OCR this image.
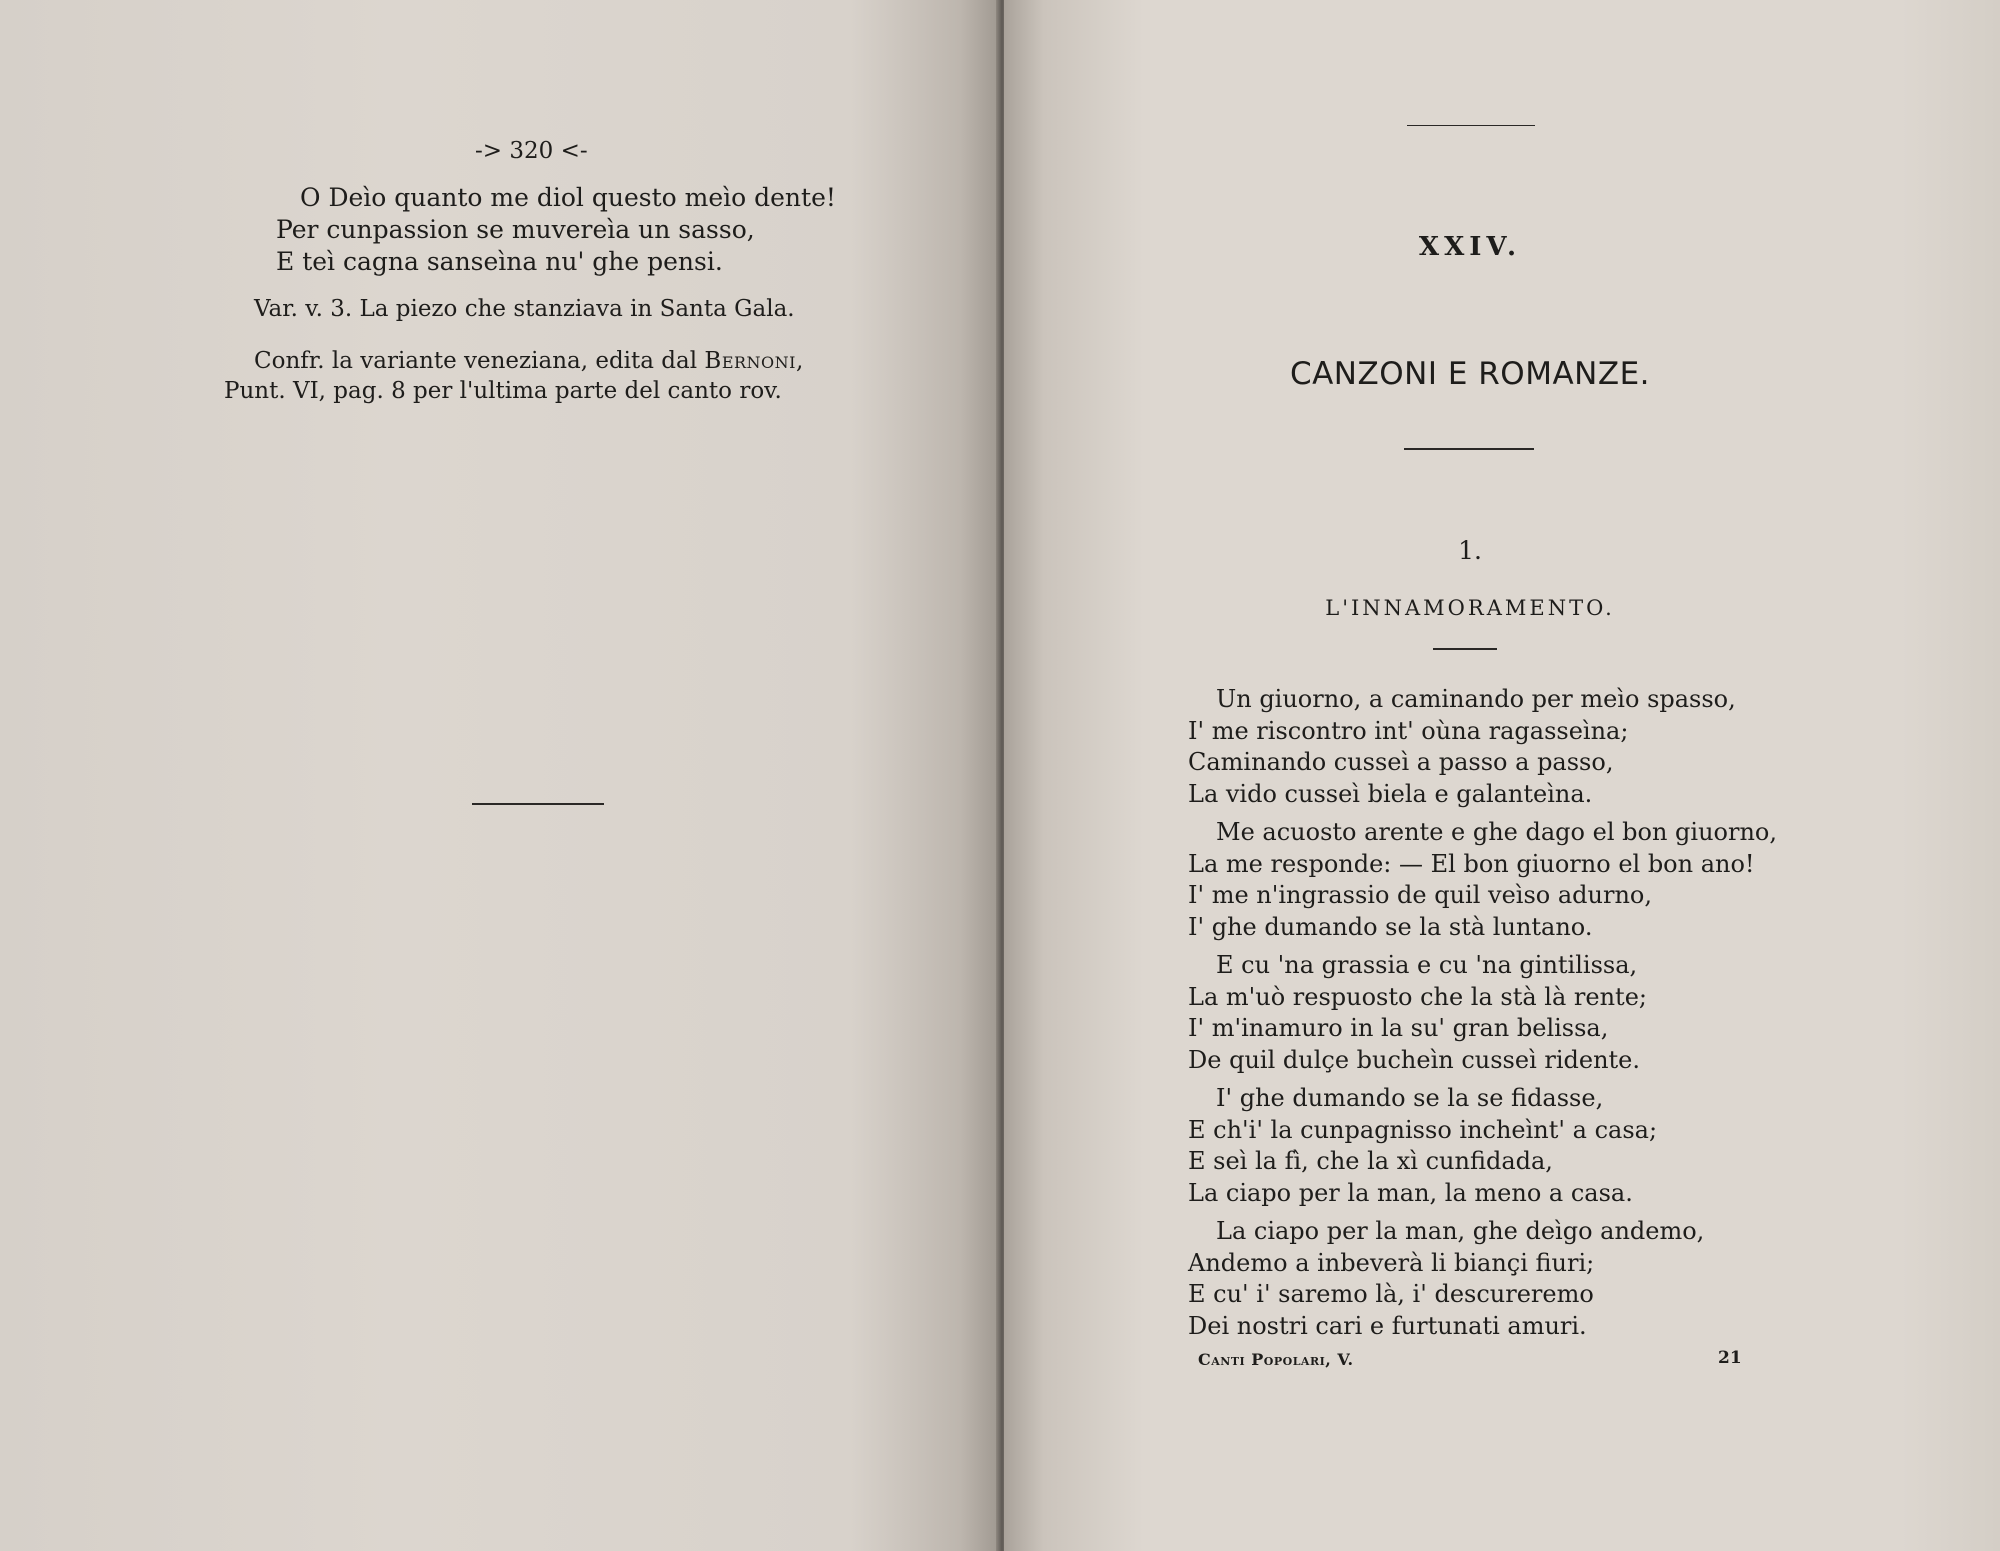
-> 320 <-
O Deìo quanto me diol questo meìo dente!
Per cunpassion se muvereìa un sasso,
E teì cagna sanseìna nu' ghe pensi.
Var. v. 3. La piezo che stanziava in Santa Gala.
Confr. la variante veneziana, edita dal Bernoni,
Punt. VI, pag. 8 per l'ultima parte del canto rov.
XXIV.
CANZONI E ROMANZE.
1.
L'INNAMORAMENTO.
Un giuorno, a caminando per meìo spasso,
I' me riscontro int' oùna ragasseìna;
Caminando cusseì a passo a passo,
La vido cusseì biela e galanteìna.
Me acuosto arente e ghe dago el bon giuorno,
La me responde: — El bon giuorno el bon ano!
I' me n'ingrassio de quil veìso adurno,
I' ghe dumando se la stà luntano.
E cu 'na grassia e cu 'na gintilissa,
La m'uò respuosto che la stà là rente;
I' m'inamuro in la su' gran belissa,
De quil dulçe bucheìn cusseì ridente.
I' ghe dumando se la se fidasse,
E ch'i' la cunpagnisso incheìnt' a casa;
E seì la fì, che la xì cunfidada,
La ciapo per la man, la meno a casa.
La ciapo per la man, ghe deìgo andemo,
Andemo a inbeverà li bianç̧i fiuri;
E cu' i' saremo là, i' descureremo
Dei nostri cari e furtunati amuri.
Canti Popolari, V.	21
